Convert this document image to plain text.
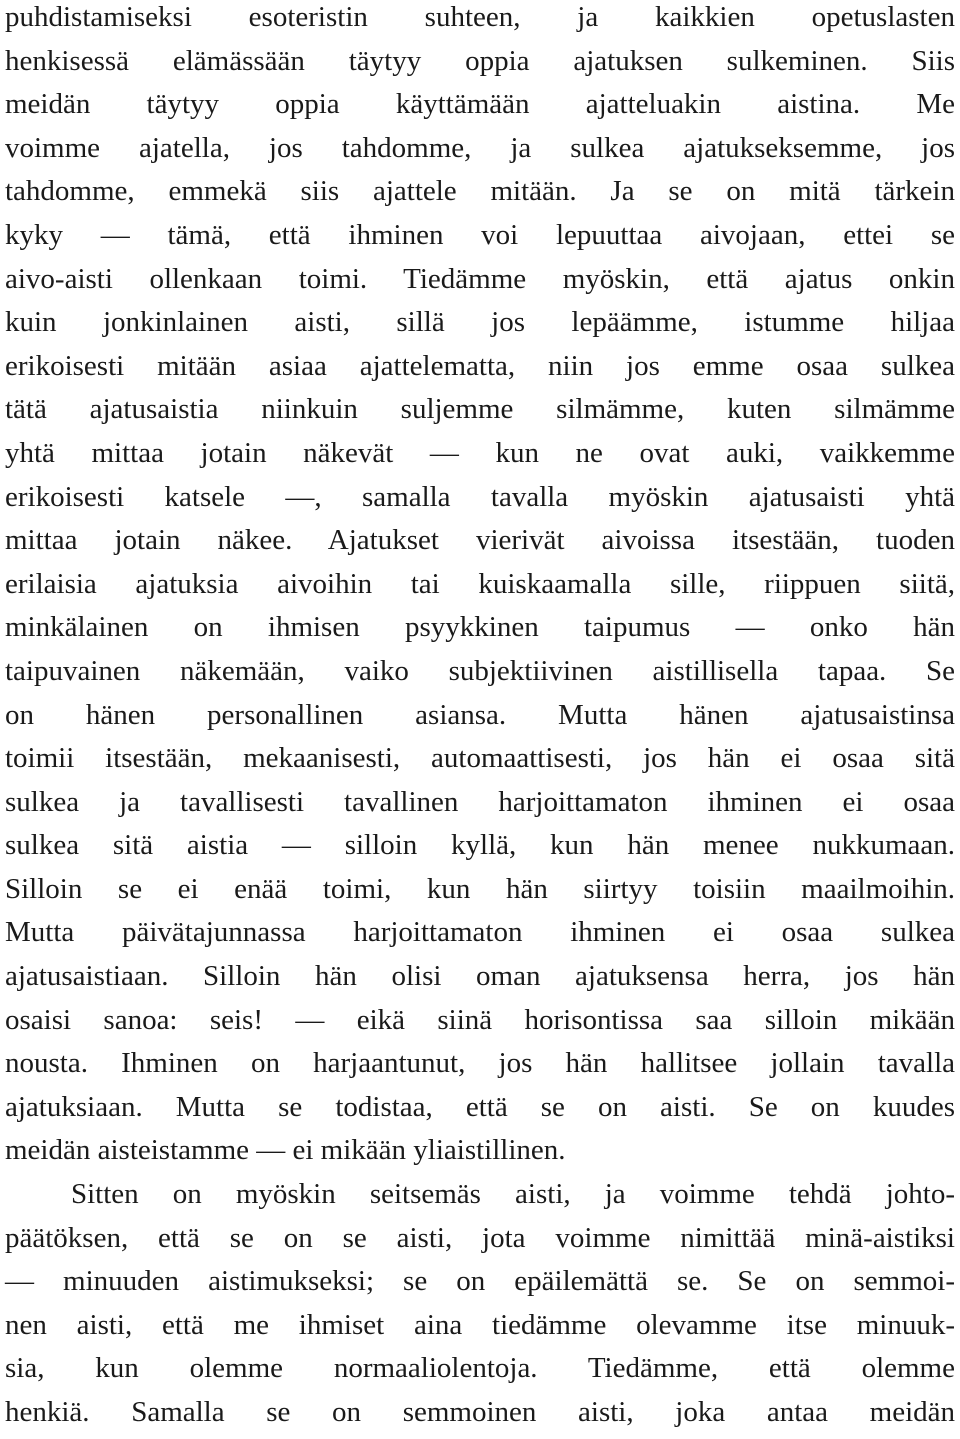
puhdistamiseksi esoteristin suhteen, ja kaikkien opetuslasten
henkisessä elämässään täytyy oppia ajatuksen sulkeminen. Siis
meidän täytyy oppia käyttämään ajatteluakin aistina. Me
voimme ajatella, jos tahdomme, ja sulkea ajatukseksemme, jos
tahdomme, emmekä siis ajattele mitään. Ja se on mitä tärkein
kyky — tämä, että ihminen voi lepuuttaa aivojaan, ettei se
aivo-aisti ollenkaan toimi. Tiedämme myöskin, että ajatus onkin
kuin jonkinlainen aisti, sillä jos lepäämme, istumme hiljaa
erikoisesti mitään asiaa ajattelematta, niin jos emme osaa sulkea
tätä ajatusaistia niinkuin suljemme silmämme, kuten silmämme
yhtä mittaa jotain näkevät — kun ne ovat auki, vaikkemme
erikoisesti katsele —, samalla tavalla myöskin ajatusaisti yhtä
mittaa jotain näkee. Ajatukset vierivät aivoissa itsestään, tuoden
erilaisia ajatuksia aivoihin tai kuiskaamalla sille, riippuen siitä,
minkälainen on ihmisen psyykkinen taipumus — onko hän
taipuvainen näkemään, vaiko subjektiivinen aistillisella tapaa. Se
on hänen personallinen asiansa. Mutta hänen ajatusaistinsa
toimii itsestään, mekaanisesti, automaattisesti, jos hän ei osaa sitä
sulkea ja tavallisesti tavallinen harjoittamaton ihminen ei osaa
sulkea sitä aistia — silloin kyllä, kun hän menee nukkumaan.
Silloin se ei enää toimi, kun hän siirtyy toisiin maailmoihin.
Mutta päivätajunnassa harjoittamaton ihminen ei osaa sulkea
ajatusaistiaan. Silloin hän olisi oman ajatuksensa herra, jos hän
osaisi sanoa: seis! — eikä siinä horisontissa saa silloin mikään
nousta. Ihminen on harjaantunut, jos hän hallitsee jollain tavalla
ajatuksiaan. Mutta se todistaa, että se on aisti. Se on kuudes
meidän aisteistamme — ei mikään yliaistillinen.
Sitten on myöskin seitsemäs aisti, ja voimme tehdä johto-
päätöksen, että se on se aisti, jota voimme nimittää minä-aistiksi
— minuuden aistimukseksi; se on epäilemättä se. Se on semmoi-
nen aisti, että me ihmiset aina tiedämme olevamme itse minuuk-
sia, kun olemme normaaliolentoja. Tiedämme, että olemme
henkiä. Samalla se on semmoinen aisti, joka antaa meidän
